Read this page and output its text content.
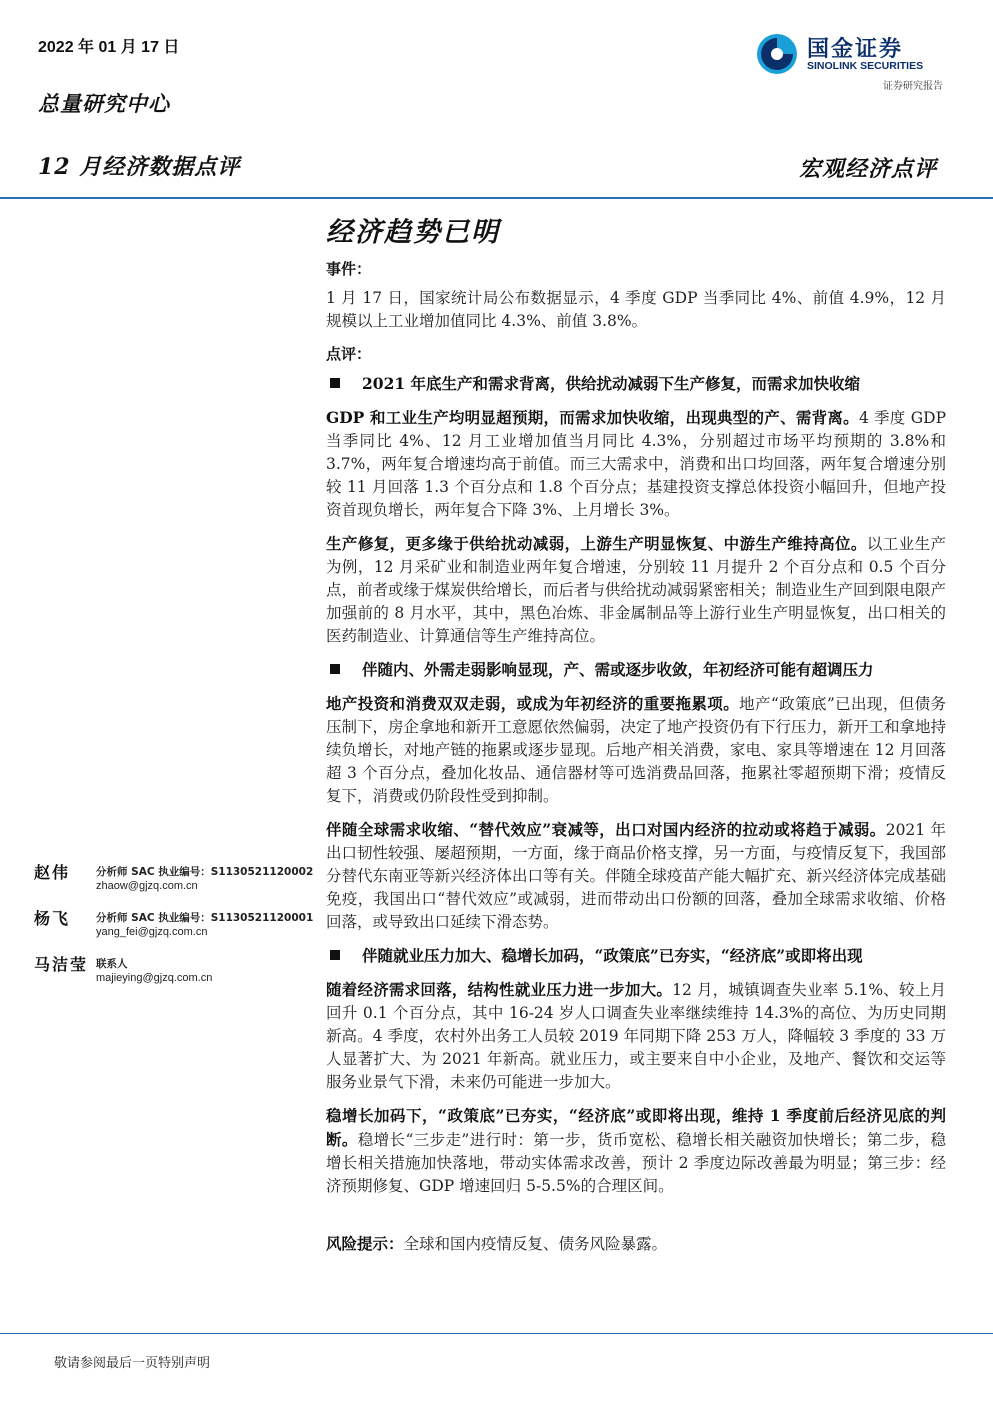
2022 年 01 月 17 日
总量研究中心
12 月经济数据点评	宏观经济点评
国金证券
SINOLINK SECURITIES
证券研究报告
经济趋势已明
事件：

1 月 17 日，国家统计局公布数据显示，4 季度 GDP 当季同比 4%、前值 4.9%，12 月规模以上工业增加值同比 4.3%、前值 3.8%。

点评：
2021 年底生产和需求背离，供给扰动减弱下生产修复，而需求加快收缩

GDP 和工业生产均明显超预期，而需求加快收缩，出现典型的产、需背离。4 季度 GDP 当季同比 4%、12 月工业增加值当月同比 4.3%，分别超过市场平均预期的 3.8%和 3.7%，两年复合增速均高于前值。而三大需求中，消费和出口均回落，两年复合增速分别较 11 月回落 1.3 个百分点和 1.8 个百分点；基建投资支撑总体投资小幅回升，但地产投资首现负增长，两年复合下降 3%、上月增长 3%。

生产修复，更多缘于供给扰动减弱，上游生产明显恢复、中游生产维持高位。以工业生产为例，12 月采矿业和制造业两年复合增速，分别较 11 月提升 2 个百分点和 0.5 个百分点，前者或缘于煤炭供给增长，而后者与供给扰动减弱紧密相关；制造业生产回到限电限产加强前的 8 月水平，其中，黑色冶炼、非金属制品等上游行业生产明显恢复，出口相关的医药制造业、计算通信等生产维持高位。

伴随内、外需走弱影响显现，产、需或逐步收敛，年初经济可能有超调压力

地产投资和消费双双走弱，或成为年初经济的重要拖累项。地产“政策底”已出现，但债务压制下，房企拿地和新开工意愿依然偏弱，决定了地产投资仍有下行压力，新开工和拿地持续负增长，对地产链的拖累或逐步显现。后地产相关消费，家电、家具等增速在 12 月回落超 3 个百分点，叠加化妆品、通信器材等可选消费品回落，拖累社零超预期下滑；疫情反复下，消费或仍阶段性受到抑制。

伴随全球需求收缩、“替代效应”衰减等，出口对国内经济的拉动或将趋于减弱。2021 年出口韧性较强、屡超预期，一方面，缘于商品价格支撑，另一方面，与疫情反复下，我国部分替代东南亚等新兴经济体出口等有关。伴随全球疫苗产能大幅扩充、新兴经济体完成基础免疫，我国出口“替代效应”或减弱，进而带动出口份额的回落，叠加全球需求收缩、价格回落，或导致出口延续下滑态势。

伴随就业压力加大、稳增长加码，“政策底”已夯实，“经济底”或即将出现

随着经济需求回落，结构性就业压力进一步加大。12 月，城镇调查失业率 5.1%、较上月回升 0.1 个百分点，其中 16-24 岁人口调查失业率继续维持 14.3%的高位、为历史同期新高。4 季度，农村外出务工人员较 2019 年同期下降 253 万人，降幅较 3 季度的 33 万人显著扩大、为 2021 年新高。就业压力，或主要来自中小企业，及地产、餐饮和交运等服务业景气下滑，未来仍可能进一步加大。

稳增长加码下，“政策底”已夯实，“经济底”或即将出现，维持 1 季度前后经济见底的判断。稳增长“三步走”进行时：第一步，货币宽松、稳增长相关融资加快增长；第二步，稳增长相关措施加快落地，带动实体需求改善，预计 2 季度边际改善最为明显；第三步：经济预期修复、GDP 增速回归 5-5.5%的合理区间。

风险提示：全球和国内疫情反复、债务风险暴露。
赵伟 分析师 SAC 执业编号：S1130521120002
zhaow@gjzq.com.cn
杨飞 分析师 SAC 执业编号：S1130521120001
yang_fei@gjzq.com.cn
马洁莹 联系人
majieying@gjzq.com.cn
敬请参阅最后一页特别声明
